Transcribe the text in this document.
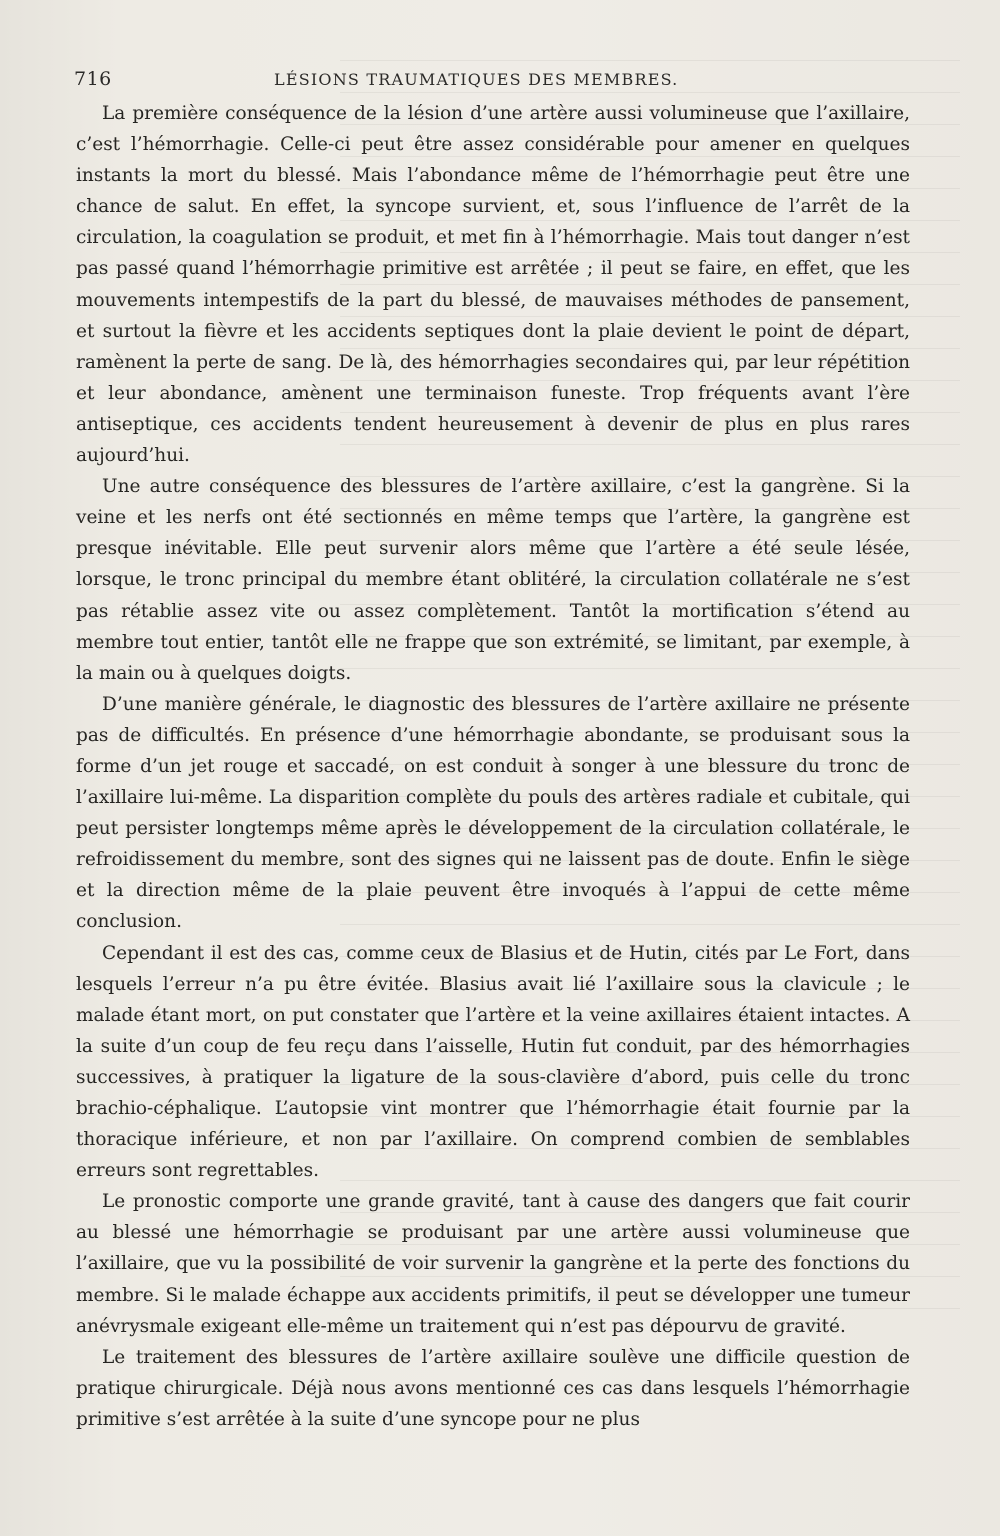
716	LÉSIONS TRAUMATIQUES DES MEMBRES.

La première conséquence de la lésion d’une artère aussi volumineuse que l’axillaire, c’est l’hémorrhagie. Celle-ci peut être assez considérable pour amener en quelques instants la mort du blessé. Mais l’abondance même de l’hémorrhagie peut être une chance de salut. En effet, la syncope survient, et, sous l’influence de l’arrêt de la circulation, la coagulation se produit, et met fin à l’hémorrhagie. Mais tout danger n’est pas passé quand l’hémorrhagie primitive est arrêtée ; il peut se faire, en effet, que les mouvements intempestifs de la part du blessé, de mauvaises méthodes de pansement, et surtout la fièvre et les accidents septiques dont la plaie devient le point de départ, ramènent la perte de sang. De là, des hémorrhagies secondaires qui, par leur répétition et leur abondance, amènent une terminaison funeste. Trop fréquents avant l’ère antiseptique, ces accidents tendent heureusement à devenir de plus en plus rares aujourd’hui.

Une autre conséquence des blessures de l’artère axillaire, c’est la gangrène. Si la veine et les nerfs ont été sectionnés en même temps que l’artère, la gangrène est presque inévitable. Elle peut survenir alors même que l’artère a été seule lésée, lorsque, le tronc principal du membre étant oblitéré, la circulation collatérale ne s’est pas rétablie assez vite ou assez complètement. Tantôt la mortification s’étend au membre tout entier, tantôt elle ne frappe que son extrémité, se limitant, par exemple, à la main ou à quelques doigts.

D’une manière générale, le diagnostic des blessures de l’artère axillaire ne présente pas de difficultés. En présence d’une hémorrhagie abondante, se produisant sous la forme d’un jet rouge et saccadé, on est conduit à songer à une blessure du tronc de l’axillaire lui-même. La disparition complète du pouls des artères radiale et cubitale, qui peut persister longtemps même après le développement de la circulation collatérale, le refroidissement du membre, sont des signes qui ne laissent pas de doute. Enfin le siège et la direction même de la plaie peuvent être invoqués à l’appui de cette même conclusion.

Cependant il est des cas, comme ceux de Blasius et de Hutin, cités par Le Fort, dans lesquels l’erreur n’a pu être évitée. Blasius avait lié l’axillaire sous la clavicule ; le malade étant mort, on put constater que l’artère et la veine axillaires étaient intactes. A la suite d’un coup de feu reçu dans l’aisselle, Hutin fut conduit, par des hémorrhagies successives, à pratiquer la ligature de la sous-clavière d’abord, puis celle du tronc brachio-céphalique. L’autopsie vint montrer que l’hémorrhagie était fournie par la thoracique inférieure, et non par l’axillaire. On comprend combien de semblables erreurs sont regrettables.

Le pronostic comporte une grande gravité, tant à cause des dangers que fait courir au blessé une hémorrhagie se produisant par une artère aussi volumineuse que l’axillaire, que vu la possibilité de voir survenir la gangrène et la perte des fonctions du membre. Si le malade échappe aux accidents primitifs, il peut se développer une tumeur anévrysmale exigeant elle-même un traitement qui n’est pas dépourvu de gravité.

Le traitement des blessures de l’artère axillaire soulève une difficile question de pratique chirurgicale. Déjà nous avons mentionné ces cas dans lesquels l’hémorrhagie primitive s’est arrêtée à la suite d’une syncope pour ne plus
